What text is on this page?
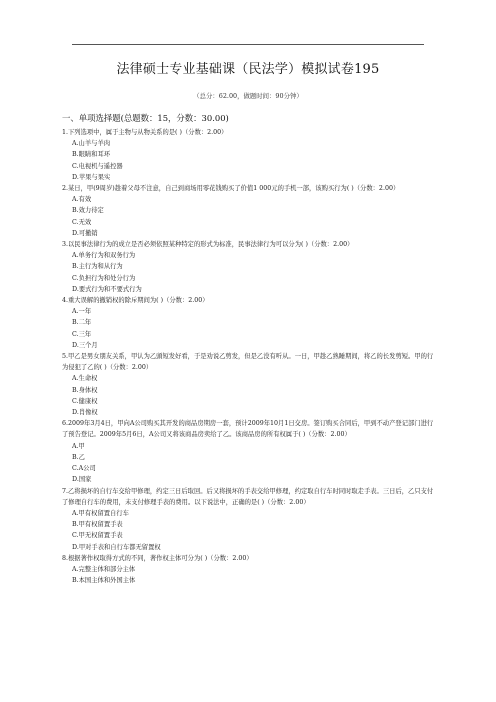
法律硕士专业基础课（民法学）模拟试卷195
（总分：62.00，做题时间：90分钟）
一、单项选择题(总题数：15，分数：30.00)
1.下列选项中，属于主物与从物关系的是( )（分数：2.00）
A.山羊与羊肉
B.眼睛和耳环
C.电视机与遥控器
D.苹果与果实
2.某日，甲(9周岁)趁着父母不注意，自己到商场用零花钱购买了价值1 000元的手机一部，该购买行为( )（分数：2.00）
A.有效
B.效力待定
C.无效
D.可撤销
3.以民事法律行为的成立是否必须依照某种特定的形式为标准，民事法律行为可以分为( )（分数：2.00）
A.单务行为和双务行为
B.主行为和从行为
C.负担行为和处分行为
D.要式行为和不要式行为
4.重大误解的撤销权的除斥期间为( )（分数：2.00）
A.一年
B.二年
C.三年
D.三个月
5.甲乙是男女朋友关系，甲认为乙頭短发好看，于是劝说乙剪发，但是乙没有听从。一日，甲趁乙熟睡期间，将乙的长发剪短。甲的行为侵犯了乙的( )（分数：2.00）
A.生命权
B.身体权
C.健康权
D.肖像权
6.2009年3月4日，甲向A公司购买其开发的商品房期房一套，预计2009年10月1日交房。签订购买合同后，甲到不动产登记部门进行了预告登记。2009年5月6日，A公司又将该商品房卖给了乙。该商品房的所有权属于( )（分数：2.00）
A.甲
B.乙
C.A公司
D.国家
7.乙将损坏的自行车交给甲修理，约定三日后取回。后又将损坏的手表交给甲修理，约定取自行车时同时取走手表。三日后，乙只支付了修理自行车的费用，未支付修理手表的费用。以下说法中，正确的是( )（分数：2.00）
A.甲有权留置自行车
B.甲有权留置手表
C.甲无权留置手表
D.甲对手表和自行车都无留置权
8.根据著作权取得方式的不同，著作权主体可分为( )（分数：2.00）
A.完整主体和部分主体
B.本国主体和外国主体
